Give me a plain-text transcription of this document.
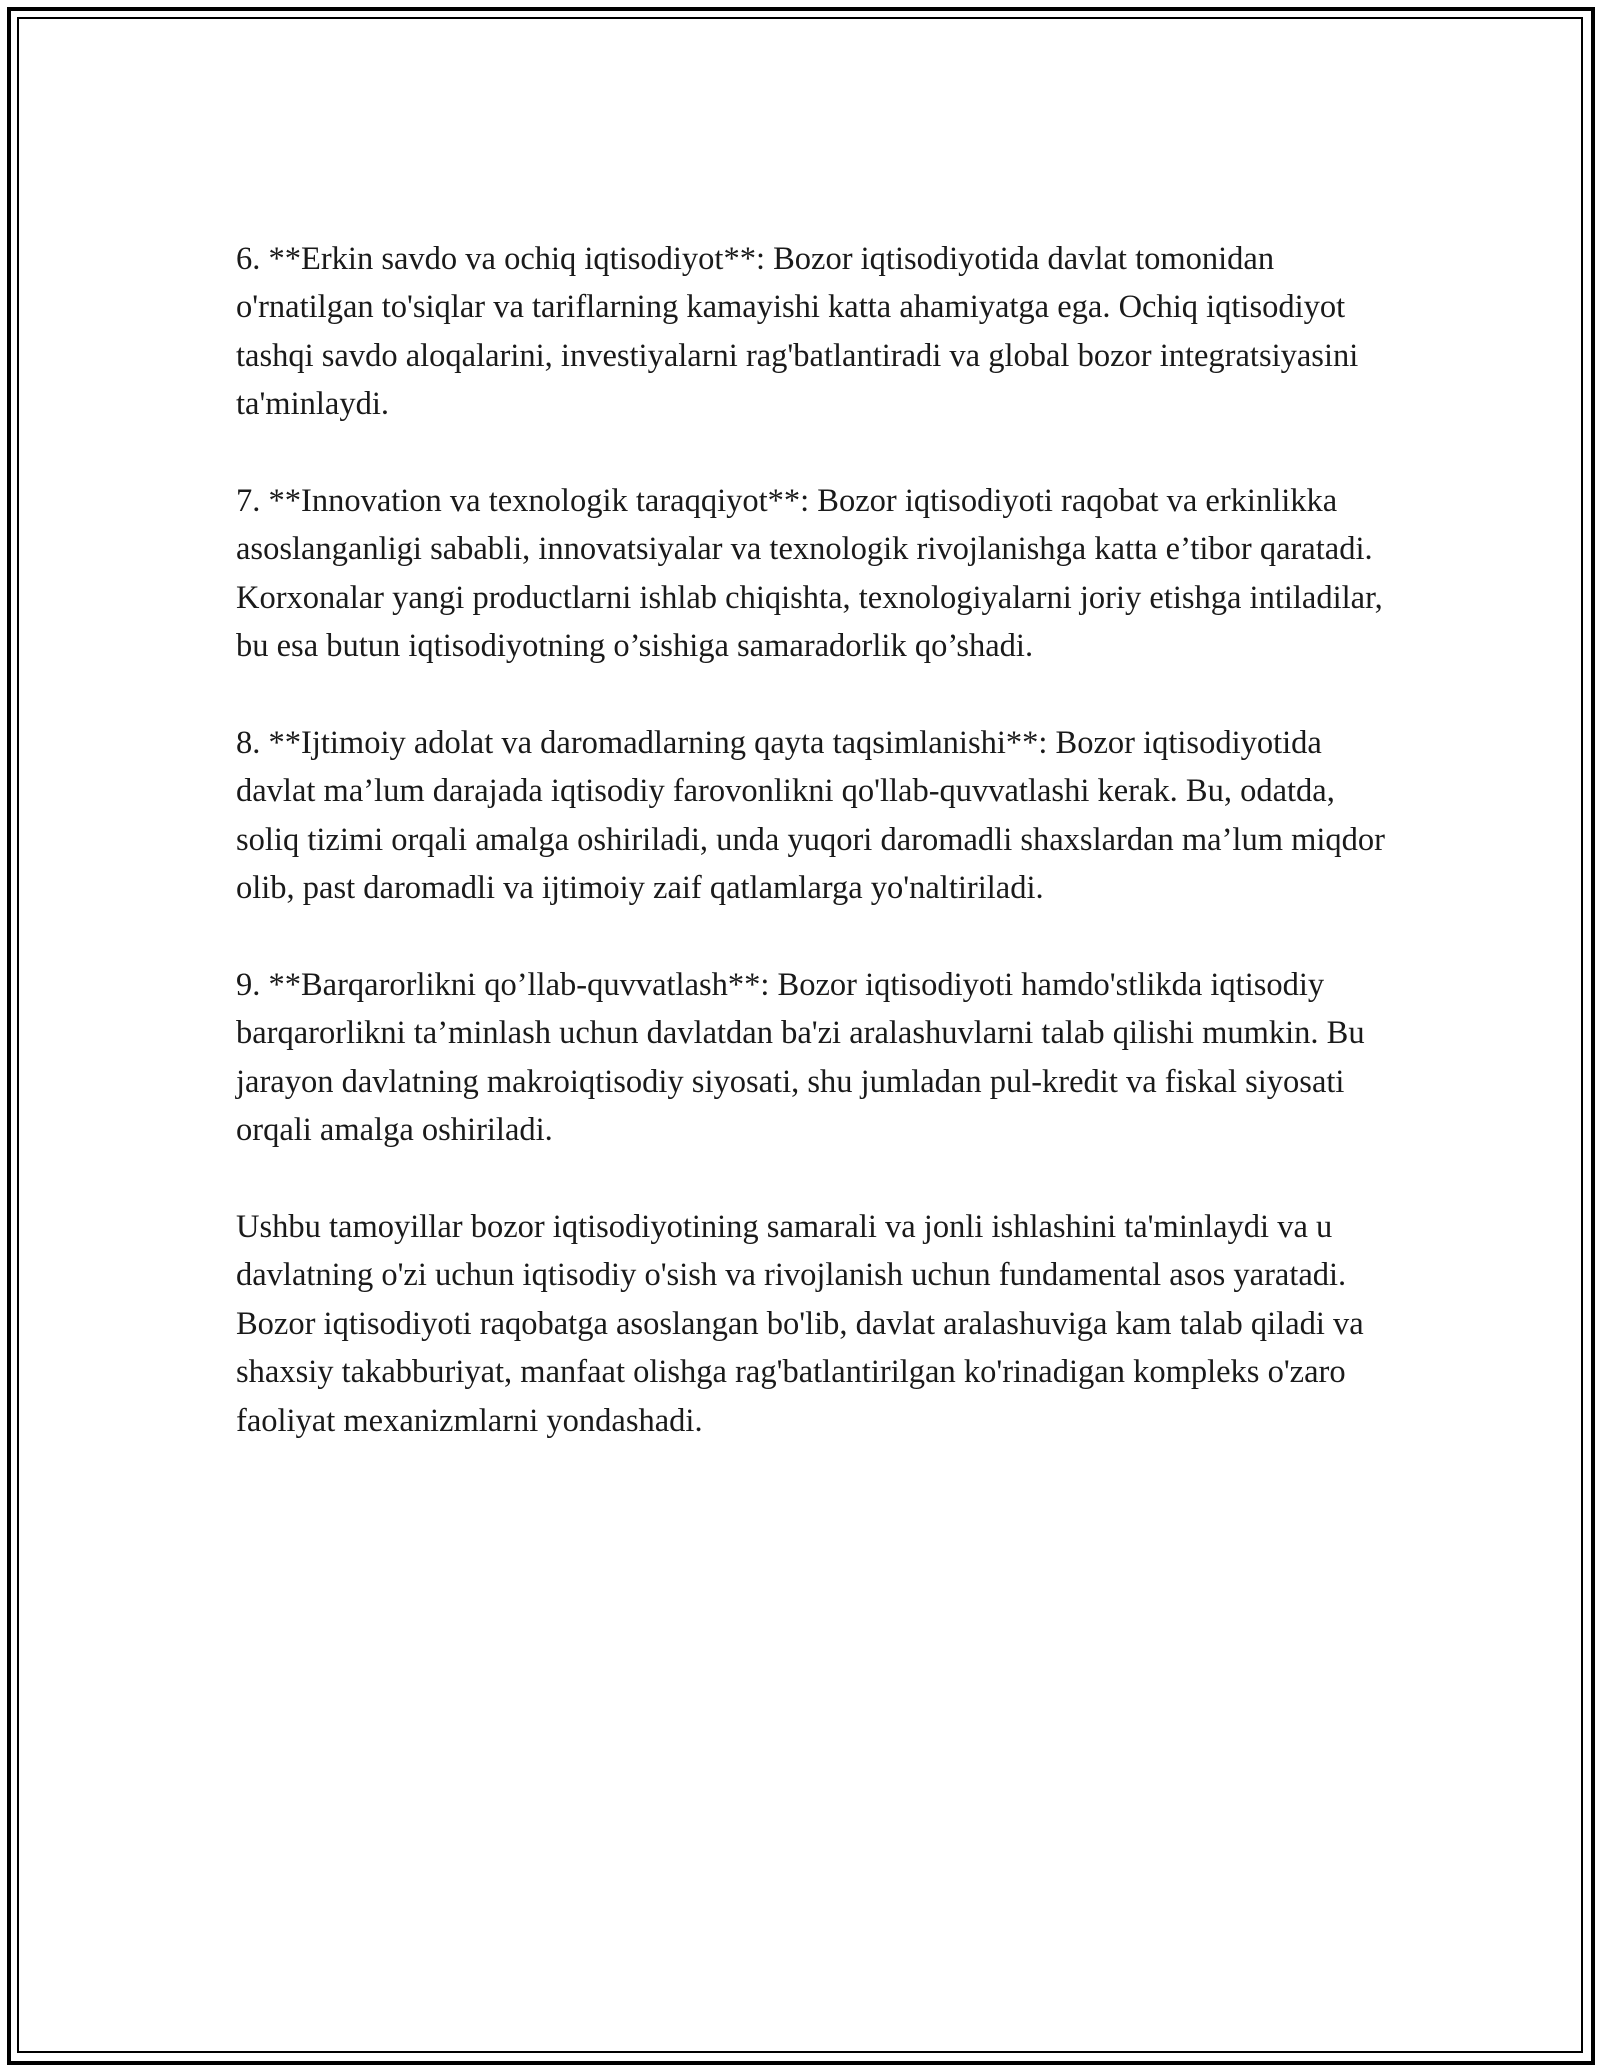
6. **Erkin savdo va ochiq iqtisodiyot**: Bozor iqtisodiyotida davlat tomonidan o'rnatilgan to'siqlar va tariflarning kamayishi katta ahamiyatga ega. Ochiq iqtisodiyot tashqi savdo aloqalarini, investiyalarni rag'batlantiradi va global bozor integratsiyasini ta'minlaydi.

7. **Innovation va texnologik taraqqiyot**: Bozor iqtisodiyoti raqobat va erkinlikka asoslanganligi sababli, innovatsiyalar va texnologik rivojlanishga katta e’tibor qaratadi. Korxonalar yangi productlarni ishlab chiqishta, texnologiyalarni joriy etishga intiladilar, bu esa butun iqtisodiyotning o’sishiga samaradorlik qo’shadi.

8. **Ijtimoiy adolat va daromadlarning qayta taqsimlanishi**: Bozor iqtisodiyotida davlat ma’lum darajada iqtisodiy farovonlikni qo'llab-quvvatlashi kerak. Bu, odatda, soliq tizimi orqali amalga oshiriladi, unda yuqori daromadli shaxslardan ma’lum miqdor olib, past daromadli va ijtimoiy zaif qatlamlarga yo'naltiriladi.

9. **Barqarorlikni qo’llab-quvvatlash**: Bozor iqtisodiyoti hamdo'stlikda iqtisodiy barqarorlikni ta’minlash uchun davlatdan ba'zi aralashuvlarni talab qilishi mumkin. Bu jarayon davlatning makroiqtisodiy siyosati, shu jumladan pul-kredit va fiskal siyosati orqali amalga oshiriladi.

Ushbu tamoyillar bozor iqtisodiyotining samarali va jonli ishlashini ta'minlaydi va u davlatning o'zi uchun iqtisodiy o'sish va rivojlanish uchun fundamental asos yaratadi. Bozor iqtisodiyoti raqobatga asoslangan bo'lib, davlat aralashuviga kam talab qiladi va shaxsiy takabburiyat, manfaat olishga rag'batlantirilgan ko'rinadigan kompleks o'zaro faoliyat mexanizmlarni yondashadi.
